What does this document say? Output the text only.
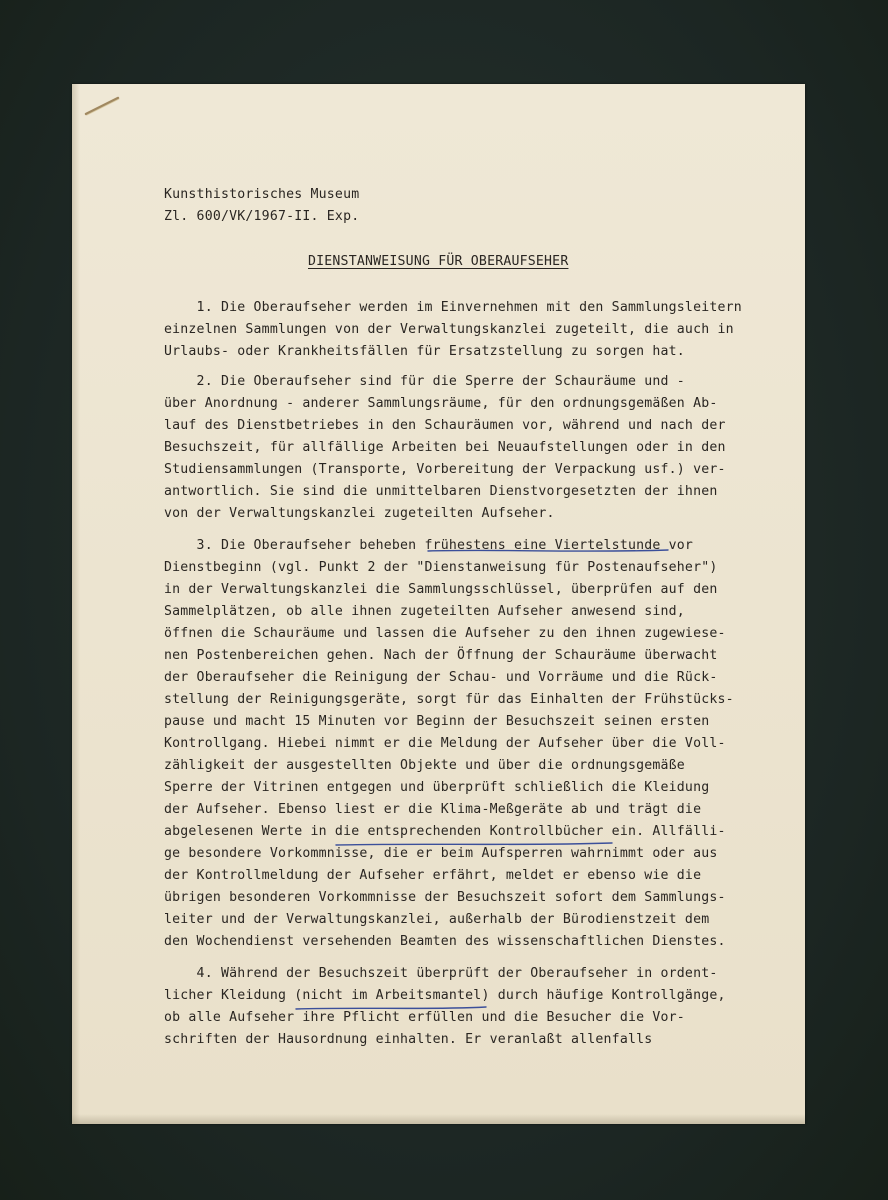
Kunsthistorisches Museum
Zl. 600/VK/1967-II. Exp.
DIENSTANWEISUNG FÜR OBERAUFSEHER
1. Die Oberaufseher werden im Einvernehmen mit den Sammlungsleitern
einzelnen Sammlungen von der Verwaltungskanzlei zugeteilt, die auch in
Urlaubs- oder Krankheitsfällen für Ersatzstellung zu sorgen hat.
2. Die Oberaufseher sind für die Sperre der Schauräume und -
über Anordnung - anderer Sammlungsräume, für den ordnungsgemäßen Ab-
lauf des Dienstbetriebes in den Schauräumen vor, während und nach der
Besuchszeit, für allfällige Arbeiten bei Neuaufstellungen oder in den
Studiensammlungen (Transporte, Vorbereitung der Verpackung usf.) ver-
antwortlich. Sie sind die unmittelbaren Dienstvorgesetzten der ihnen
von der Verwaltungskanzlei zugeteilten Aufseher.
3. Die Oberaufseher beheben frühestens eine Viertelstunde vor
Dienstbeginn (vgl. Punkt 2 der "Dienstanweisung für Postenaufseher")
in der Verwaltungskanzlei die Sammlungsschlüssel, überprüfen auf den
Sammelplätzen, ob alle ihnen zugeteilten Aufseher anwesend sind,
öffnen die Schauräume und lassen die Aufseher zu den ihnen zugewiese-
nen Postenbereichen gehen. Nach der Öffnung der Schauräume überwacht
der Oberaufseher die Reinigung der Schau- und Vorräume und die Rück-
stellung der Reinigungsgeräte, sorgt für das Einhalten der Frühstücks-
pause und macht 15 Minuten vor Beginn der Besuchszeit seinen ersten
Kontrollgang. Hiebei nimmt er die Meldung der Aufseher über die Voll-
zähligkeit der ausgestellten Objekte und über die ordnungsgemäße
Sperre der Vitrinen entgegen und überprüft schließlich die Kleidung
der Aufseher. Ebenso liest er die Klima-Meßgeräte ab und trägt die
abgelesenen Werte in die entsprechenden Kontrollbücher ein. Allfälli-
ge besondere Vorkommnisse, die er beim Aufsperren wahrnimmt oder aus
der Kontrollmeldung der Aufseher erfährt, meldet er ebenso wie die
übrigen besonderen Vorkommnisse der Besuchszeit sofort dem Sammlungs-
leiter und der Verwaltungskanzlei, außerhalb der Bürodienstzeit dem
den Wochendienst versehenden Beamten des wissenschaftlichen Dienstes.
4. Während der Besuchszeit überprüft der Oberaufseher in ordent-
licher Kleidung (nicht im Arbeitsmantel) durch häufige Kontrollgänge,
ob alle Aufseher ihre Pflicht erfüllen und die Besucher die Vor-
schriften der Hausordnung einhalten. Er veranlaßt allenfalls
